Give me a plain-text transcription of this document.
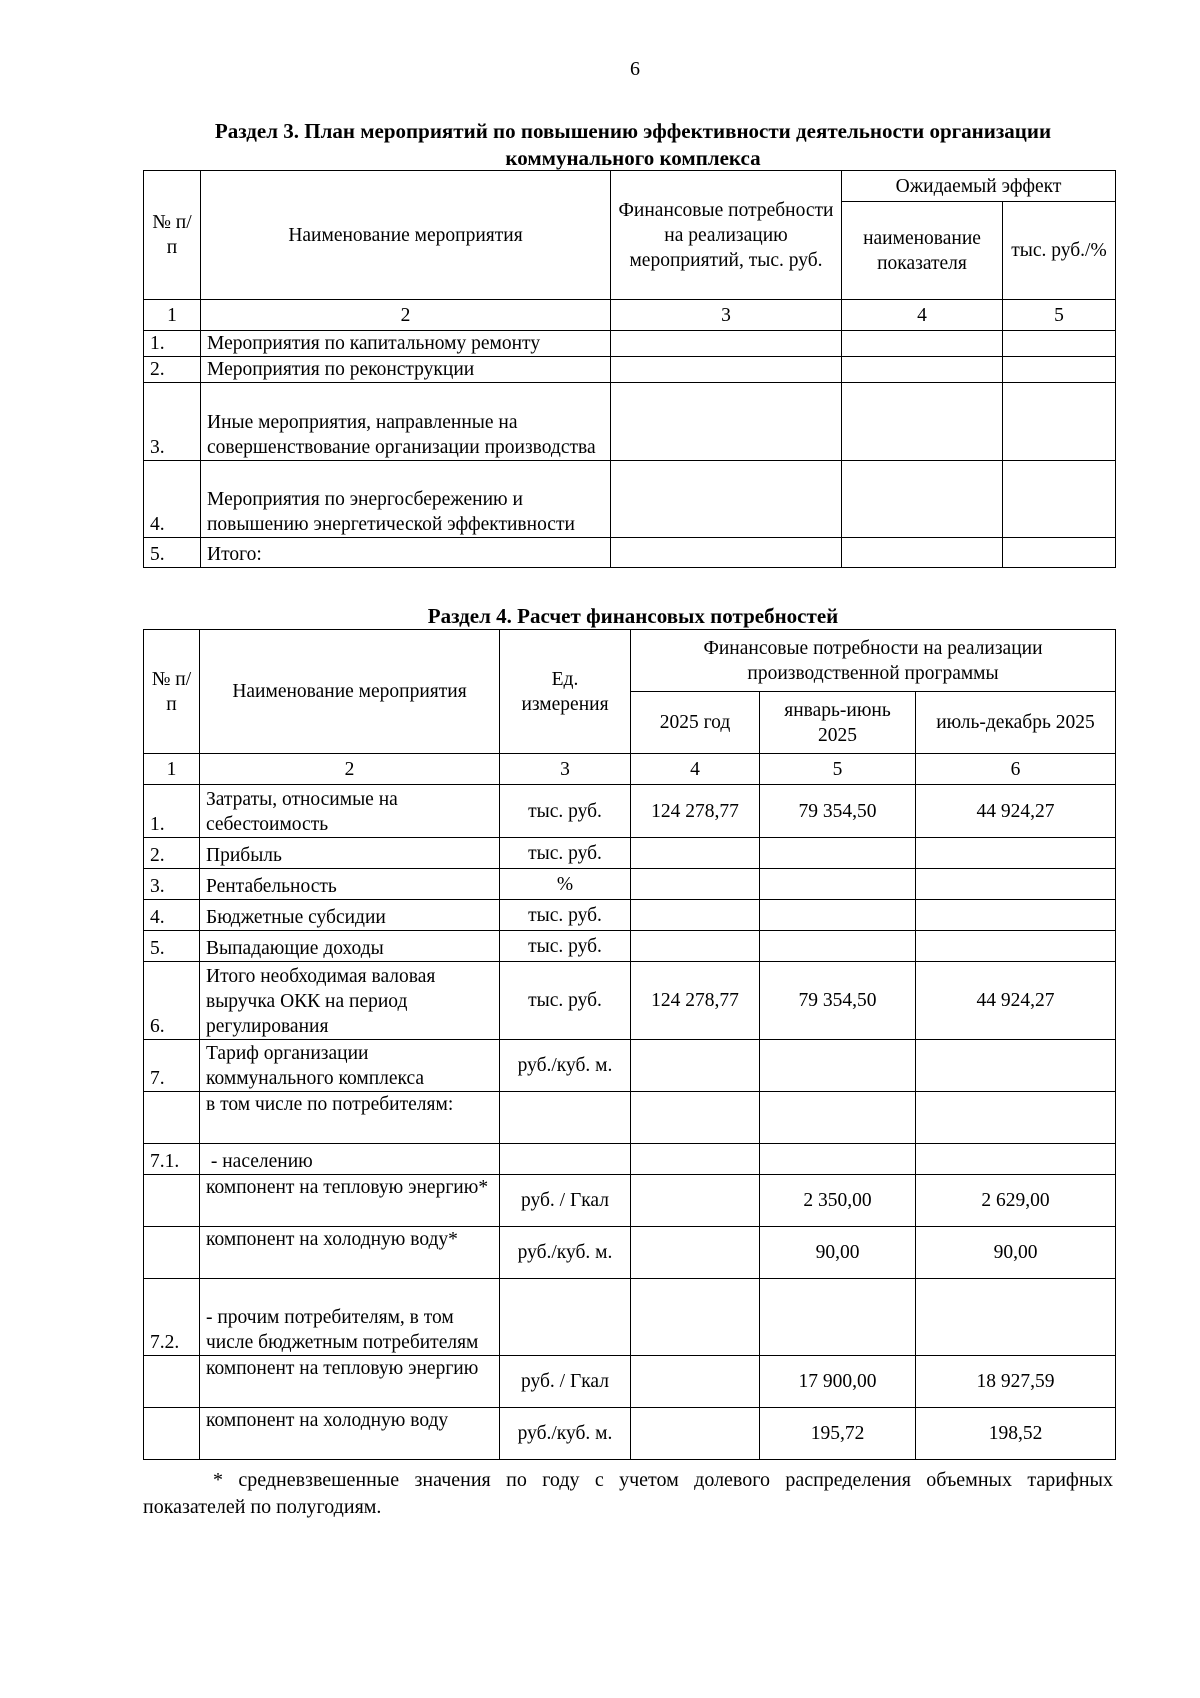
6
Раздел 3. План мероприятий по повышению эффективности деятельности организации
коммунального комплекса
№ п/п	Наименование мероприятия	Финансовые потребности на реализацию мероприятий, тыс. руб.	Ожидаемый эффект	
			наименование показателя	тыс. руб./%
1	2	3	4	5
1.	Мероприятия по капитальному ремонту			
2.	Мероприятия по реконструкции			
3.	Иные мероприятия, направленные на совершенствование организации производства			
4.	Мероприятия по энергосбережению и повышению энергетической эффективности			
5.	Итого:			
Раздел 4. Расчет финансовых потребностей
№ п/п	Наименование мероприятия	Ед. измерения	Финансовые потребности на реализации производственной программы		
			2025 год	январь-июнь 2025	июль-декабрь 2025
1	2	3	4	5	6
1.	Затраты, относимые на себестоимость	тыс. руб.	124 278,77	79 354,50	44 924,27
2.	Прибыль	тыс. руб.			
3.	Рентабельность	%			
4.	Бюджетные субсидии	тыс. руб.			
5.	Выпадающие доходы	тыс. руб.			
6.	Итого необходимая валовая выручка ОКК на период регулирования	тыс. руб.	124 278,77	79 354,50	44 924,27
7.	Тариф организации коммунального комплекса	руб./куб. м.			
	в том числе по потребителям:				
7.1.	- населению				
	компонент на тепловую энергию*	руб. / Гкал		2 350,00	2 629,00
	компонент на холодную воду*	руб./куб. м.		90,00	90,00
7.2.	- прочим потребителям, в том числе бюджетным потребителям				
	компонент на тепловую энергию	руб. / Гкал		17 900,00	18 927,59
	компонент на холодную воду	руб./куб. м.		195,72	198,52
* средневзвешенные значения по году с учетом долевого распределения объемных тарифных показателей по полугодиям.
